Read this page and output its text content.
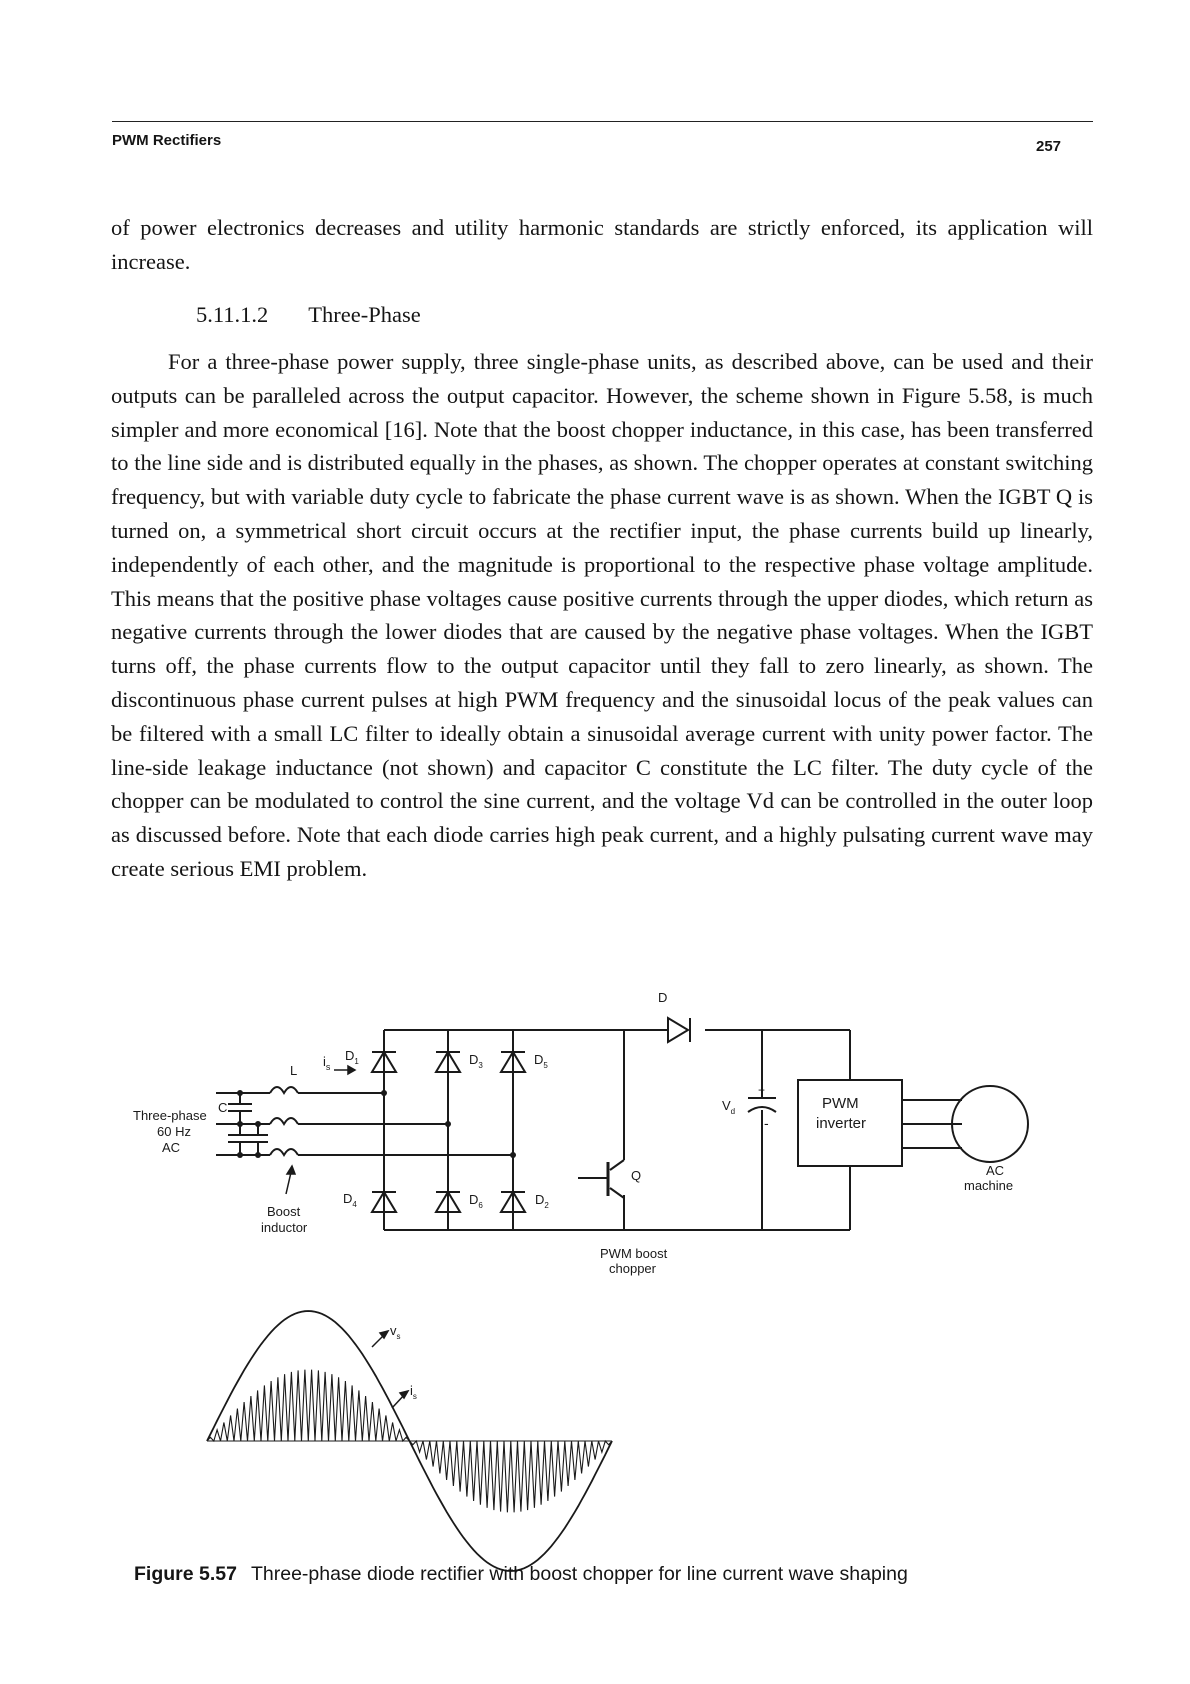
PWM Rectifiers	257

of power electronics decreases and utility harmonic standards are strictly enforced, its application will increase.

5.11.1.2 Three-Phase

For a three-phase power supply, three single-phase units, as described above, can be used and their outputs can be paralleled across the output capacitor. However, the scheme shown in Figure 5.58, is much simpler and more economical [16]. Note that the boost chopper inductance, in this case, has been transferred to the line side and is distributed equally in the phases, as shown. The chopper operates at constant switching frequency, but with variable duty cycle to fabricate the phase current wave is as shown. When the IGBT Q is turned on, a symmetrical short circuit occurs at the rectifier input, the phase currents build up linearly, independently of each other, and the magnitude is proportional to the respective phase voltage amplitude. This means that the positive phase voltages cause positive currents through the upper diodes, which return as negative currents through the lower diodes that are caused by the negative phase voltages. When the IGBT turns off, the phase currents flow to the output capacitor until they fall to zero linearly, as shown. The discontinuous phase current pulses at high PWM frequency and the sinusoidal locus of the peak values can be filtered with a small LC filter to ideally obtain a sinusoidal average current with unity power factor. The line-side leakage inductance (not shown) and capacitor C constitute the LC filter. The duty cycle of the chopper can be modulated to control the sine current, and the voltage Vd can be controlled in the outer loop as discussed before. Note that each diode carries high peak current, and a highly pulsating current wave may create serious EMI problem.

Three-phase
60 Hz
AC
C
L
$i_s$
Boost
inductor
$D_1$	$D_3$	$D_5$
$D_4$	$D_6$	$D_2$
D
Q
$V_d$
+
-
PWM
inverter
AC
machine
PWM boost
chopper
$v_s$
$i_s$
Figure 5.57 Three-phase diode rectifier with boost chopper for line current wave shaping
